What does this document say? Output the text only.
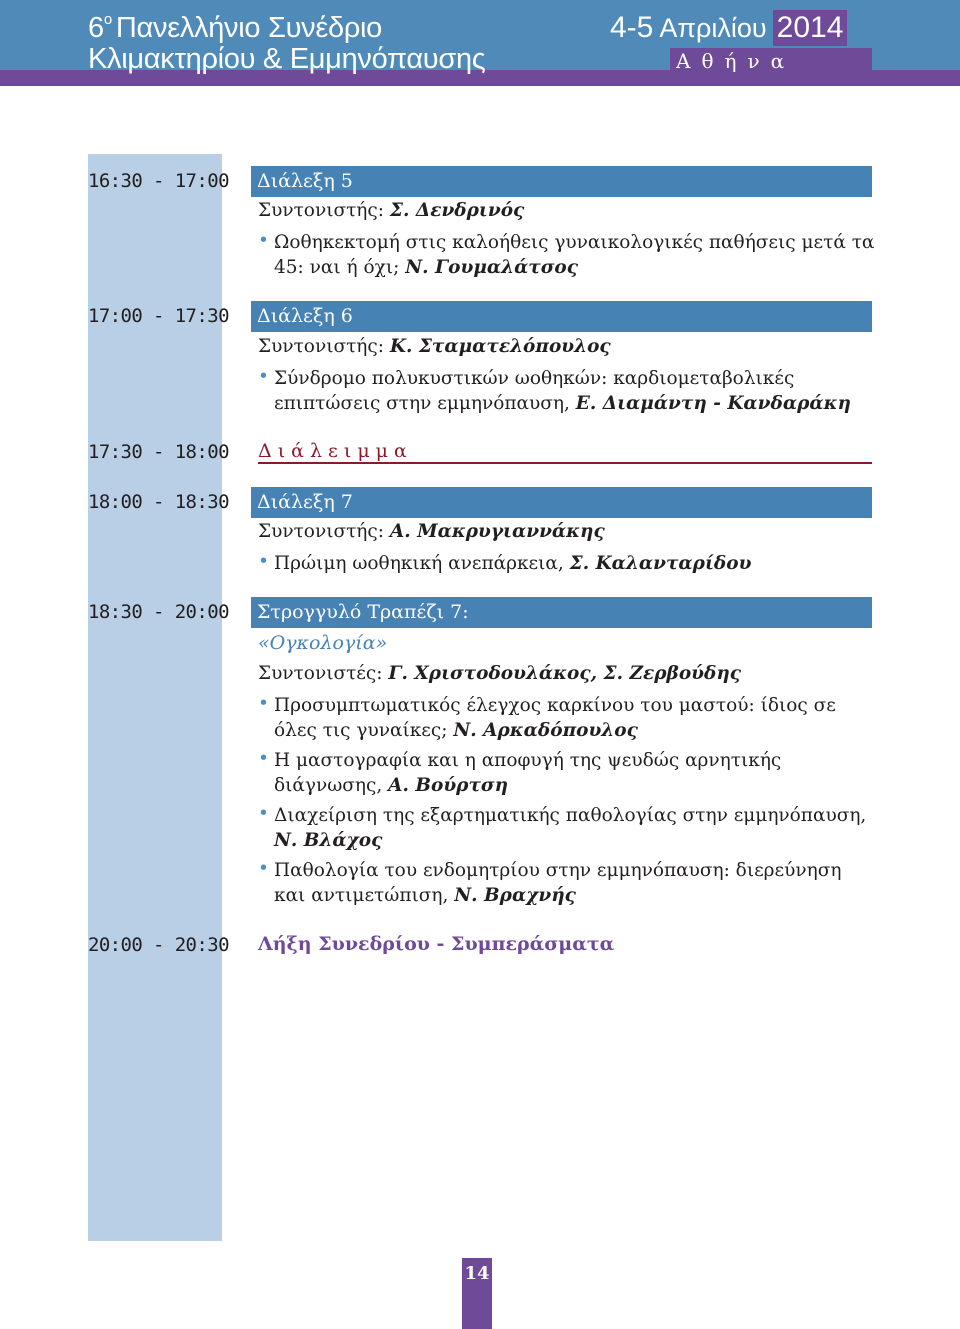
$6^o$ Πανελλήνιο Συνέδριο
Κλιμακτηρίου & Εμμηνόπαυσης
4-5 Απριλίου 2014
Αθήνα
16:30 - 17:00	Διάλεξη 5
Συντονιστής: Σ. Δενδρινός
• Ωοθηκεκτομή στις καλοήθεις γυναικολογικές παθήσεις μετά τα 45: ναι ή όχι; Ν. Γουμαλάτσος
17:00 - 17:30	Διάλεξη 6
Συντονιστής: Κ. Σταματελόπουλος
• Σύνδρομο πολυκυστικών ωοθηκών: καρδιομεταβολικές επιπτώσεις στην εμμηνόπαυση, Ε. Διαμάντη - Κανδαράκη
17:30 - 18:00 Διάλειμμα
18:00 - 18:30	Διάλεξη 7
Συντονιστής: Α. Μακρυγιαννάκης
• Πρώιμη ωοθηκική ανεπάρκεια, Σ. Καλανταρίδου
18:30 - 20:00	Στρογγυλό Τραπέζι 7:
«Ογκολογία»
Συντονιστές: Γ. Χριστοδουλάκος, Σ. Ζερβούδης
• Προσυμπτωματικός έλεγχος καρκίνου του μαστού: ίδιος σε όλες τις γυναίκες; Ν. Αρκαδόπουλος
• Η μαστογραφία και η αποφυγή της ψευδώς αρνητικής διάγνωσης, Α. Βούρτση
• Διαχείριση της εξαρτηματικής παθολογίας στην εμμηνόπαυση, Ν. Βλάχος
• Παθολογία του ενδομητρίου στην εμμηνόπαυση: διερεύνηση και αντιμετώπιση, Ν. Βραχνής
20:00 - 20:30 Λήξη Συνεδρίου - Συμπεράσματα
14
